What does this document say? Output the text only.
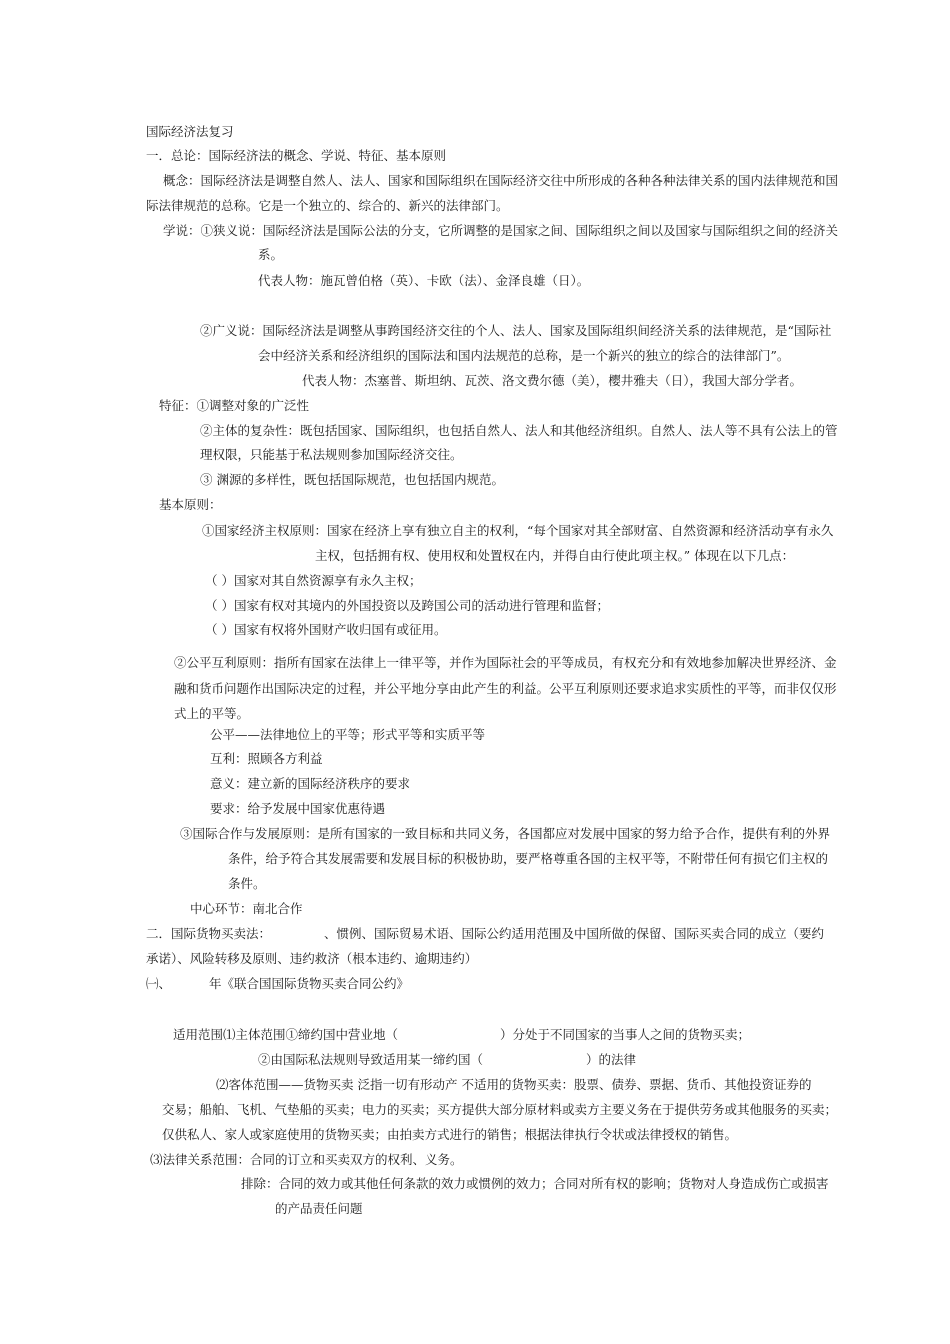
国际经济法复习
一．总论：国际经济法的概念、学说、特征、基本原则
概念：国际经济法是调整自然人、法人、国家和国际组织在国际经济交往中所形成的各种各种法律关系的国内法律规范和国
际法律规范的总称。它是一个独立的、综合的、新兴的法律部门。
学说：①狭义说：国际经济法是国际公法的分支，它所调整的是国家之间、国际组织之间以及国家与国际组织之间的经济关
系。
代表人物：施瓦曾伯格（英）、卡欧（法）、金泽良雄（日）。
②广义说：国际经济法是调整从事跨国经济交往的个人、法人、国家及国际组织间经济关系的法律规范，是“国际社
会中经济关系和经济组织的国际法和国内法规范的总称，是一个新兴的独立的综合的法律部门”。
代表人物：杰塞普、斯坦纳、瓦茨、洛文费尔德（美），樱井雅夫（日），我国大部分学者。
特征：①调整对象的广泛性
②主体的复杂性：既包括国家、国际组织，也包括自然人、法人和其他经济组织。自然人、法人等不具有公法上的管
理权限，只能基于私法规则参加国际经济交往。
③ 渊源的多样性，既包括国际规范，也包括国内规范。
基本原则：
①国家经济主权原则：国家在经济上享有独立自主的权利，“每个国家对其全部财富、自然资源和经济活动享有永久
主权，包括拥有权、使用权和处置权在内，并得自由行使此项主权。” 体现在以下几点：
（ ）国家对其自然资源享有永久主权；
（ ）国家有权对其境内的外国投资以及跨国公司的活动进行管理和监督；
（ ）国家有权将外国财产收归国有或征用。
②公平互利原则：指所有国家在法律上一律平等，并作为国际社会的平等成员，有权充分和有效地参加解决世界经济、金
融和货币问题作出国际决定的过程，并公平地分享由此产生的利益。公平互利原则还要求追求实质性的平等，而非仅仅形
式上的平等。
公平——法律地位上的平等；形式平等和实质平等
互利：照顾各方利益
意义：建立新的国际经济秩序的要求
要求：给予发展中国家优惠待遇
③国际合作与发展原则：是所有国家的一致目标和共同义务，各国都应对发展中国家的努力给予合作，提供有利的外界
条件，给予符合其发展需要和发展目标的积极协助，要严格尊重各国的主权平等，不附带任何有损它们主权的
条件。
中心环节：南北合作
二．国际货物买卖法：	、惯例、国际贸易术语、国际公约适用范围及中国所做的保留、国际买卖合同的成立（要约
承诺）、风险转移及原则、违约救济（根本违约、逾期违约）
㈠、	年《联合国国际货物买卖合同公约》
适用范围⑴主体范围①缔约国中营业地（	）分处于不同国家的当事人之间的货物买卖；
②由国际私法规则导致适用某一缔约国（	）的法律
⑵客体范围——货物买卖 泛指一切有形动产 不适用的货物买卖：股票、债券、票据、货币、其他投资证券的
交易；船舶、飞机、气垫船的买卖；电力的买卖；买方提供大部分原材料或卖方主要义务在于提供劳务或其他服务的买卖；
仅供私人、家人或家庭使用的货物买卖；由拍卖方式进行的销售；根据法律执行令状或法律授权的销售。
⑶法律关系范围：合同的订立和买卖双方的权利、义务。
排除：合同的效力或其他任何条款的效力或惯例的效力；合同对所有权的影响；货物对人身造成伤亡或损害
的产品责任问题
